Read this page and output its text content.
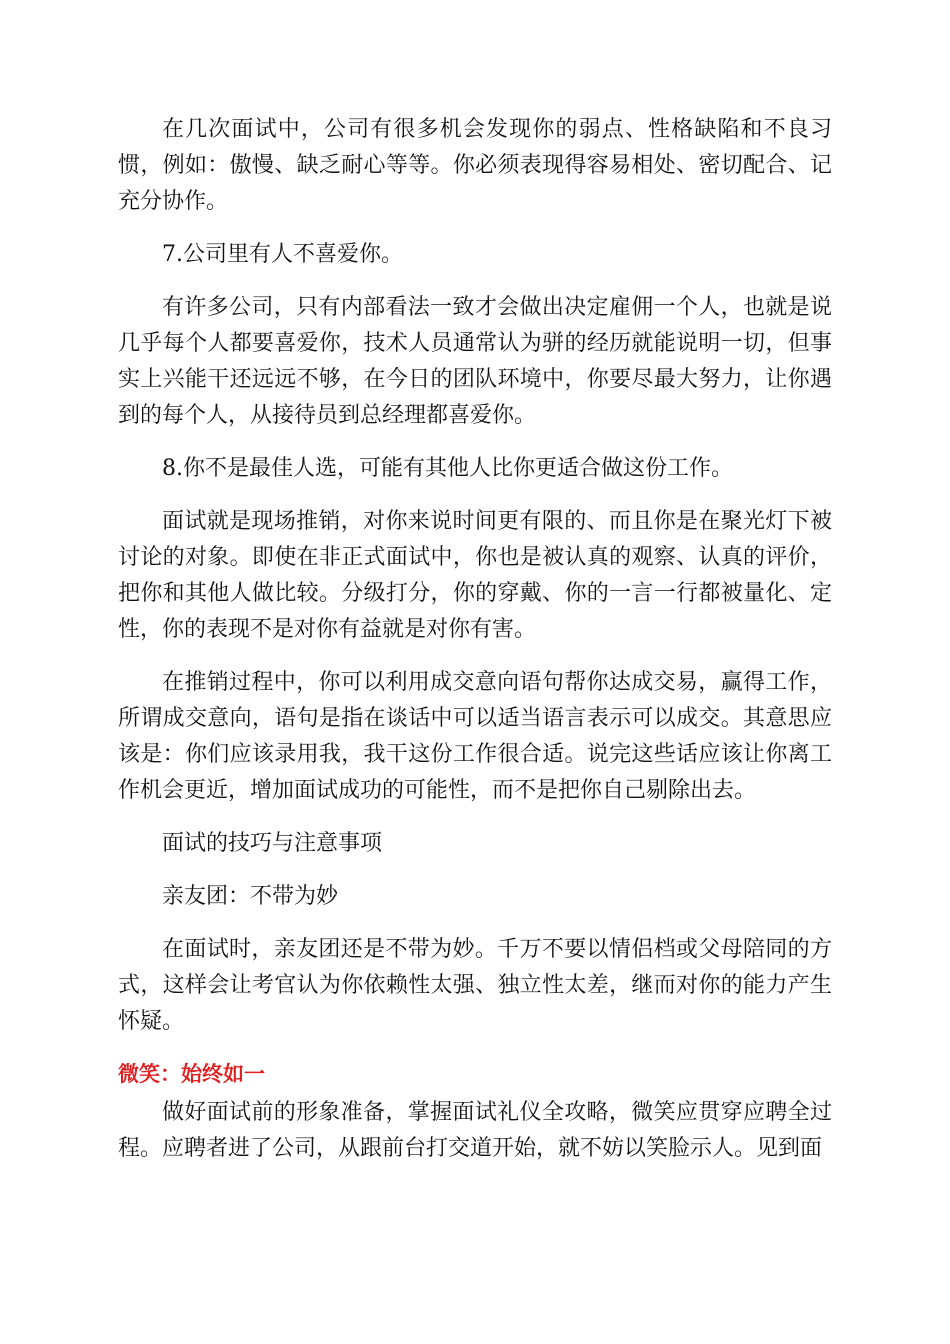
在几次面试中，公司有很多机会发现你的弱点、性格缺陷和不良习惯，例如：傲慢、缺乏耐心等等。你必须表现得容易相处、密切配合、记充分协作。

7.公司里有人不喜爱你。

有许多公司，只有内部看法一致才会做出决定雇佣一个人，也就是说几乎每个人都要喜爱你，技术人员通常认为骈的经历就能说明一切，但事实上兴能干还远远不够，在今日的团队环境中，你要尽最大努力，让你遇到的每个人，从接待员到总经理都喜爱你。

8.你不是最佳人选，可能有其他人比你更适合做这份工作。

面试就是现场推销，对你来说时间更有限的、而且你是在聚光灯下被讨论的对象。即使在非正式面试中，你也是被认真的观察、认真的评价，把你和其他人做比较。分级打分，你的穿戴、你的一言一行都被量化、定性，你的表现不是对你有益就是对你有害。

在推销过程中，你可以利用成交意向语句帮你达成交易，赢得工作，所谓成交意向，语句是指在谈话中可以适当语言表示可以成交。其意思应该是：你们应该录用我，我干这份工作很合适。说完这些话应该让你离工作机会更近，增加面试成功的可能性，而不是把你自己剔除出去。

面试的技巧与注意事项

亲友团：不带为妙

在面试时，亲友团还是不带为妙。千万不要以情侣档或父母陪同的方式，这样会让考官认为你依赖性太强、独立性太差，继而对你的能力产生怀疑。

微笑：始终如一

做好面试前的形象准备，掌握面试礼仪全攻略，微笑应贯穿应聘全过程。应聘者进了公司，从跟前台打交道开始，就不妨以笑脸示人。见到面
